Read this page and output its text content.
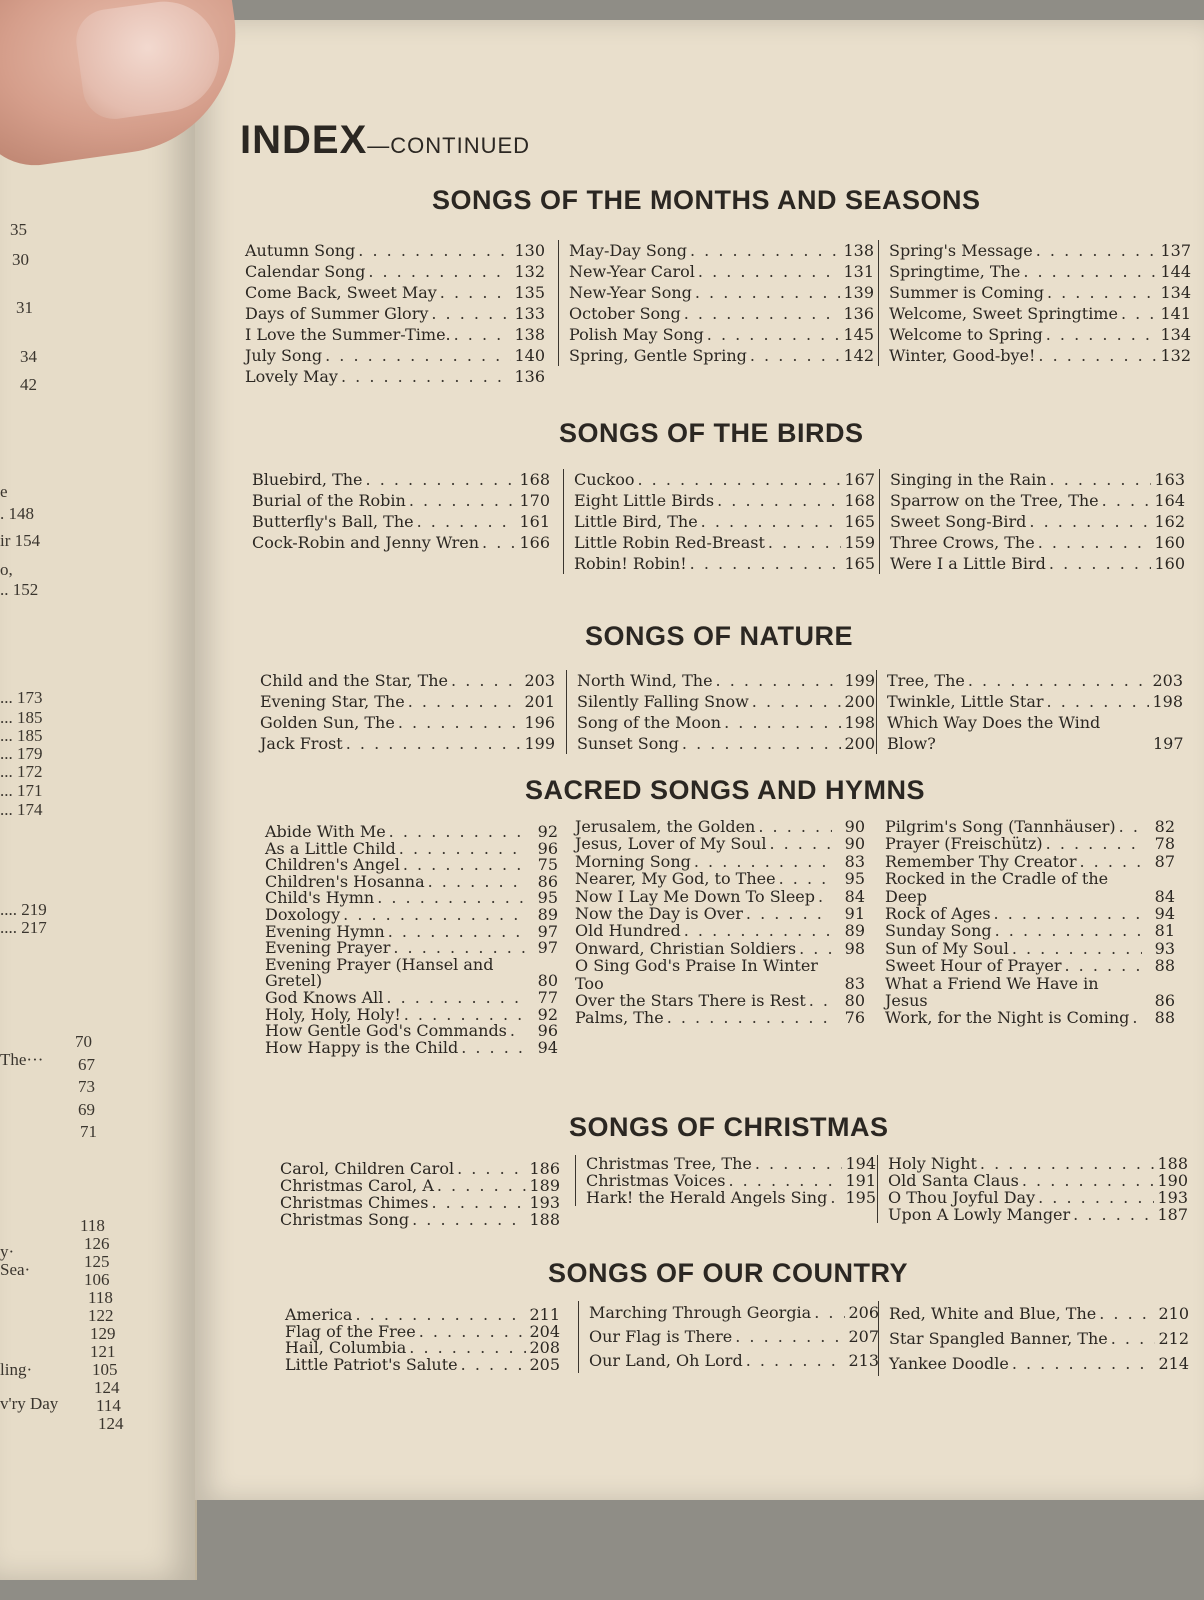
35
30
31
34
42
e
. 148
ir 154
o,
.. 152
... 173
... 185
... 185
... 179
... 172
... 171
... 174
.... 219
.... 217
70
The··· 67
73
69
71
118
126
125
106
118
122
129
121
105
124
114
124
y·
Sea·
ling·
v'ry Day
INDEX—CONTINUED
SONGS OF THE MONTHS AND SEASONS
SONGS OF THE BIRDS
SONGS OF NATURE
SACRED SONGS AND HYMNS
SONGS OF CHRISTMAS
SONGS OF OUR COUNTRY
Autumn Song . . .	130
Calendar Song . . .	132
Come Back, Sweet May . . .	135
Days of Summer Glory . . .	133
I Love the Summer-Time. . . .	138
July Song . . .	140
Lovely May . . .	136
May-Day Song . . .	138
New-Year Carol . . .	131
New-Year Song . . .	139
October Song . . .	136
Polish May Song . . .	145
Spring, Gentle Spring . . .	142
Spring's Message . . .	137
Springtime, The . . .	144
Summer is Coming . . .	134
Welcome, Sweet Springtime . . .	141
Welcome to Spring . . .	134
Winter, Good-bye! . . .	132
Bluebird, The . . .	168
Burial of the Robin . . .	170
Butterfly's Ball, The . . .	161
Cock-Robin and Jenny Wren . . .	166
Cuckoo . . .	167
Eight Little Birds . . .	168
Little Bird, The . . .	165
Little Robin Red-Breast . . .	159
Robin! Robin! . . .	165
Singing in the Rain . . .	163
Sparrow on the Tree, The . . .	164
Sweet Song-Bird . . .	162
Three Crows, The . . .	160
Were I a Little Bird . . .	160
Child and the Star, The . . .	203
Evening Star, The . . .	201
Golden Sun, The . . .	196
Jack Frost . . .	199
North Wind, The . . .	199
Silently Falling Snow . . .	200
Song of the Moon . . .	198
Sunset Song . . .	200
Tree, The . . .	203
Twinkle, Little Star . . .	198
Which Way Does the Wind Blow?	197
Abide With Me . . .	92
As a Little Child . . .	96
Children's Angel . . .	75
Children's Hosanna . . .	86
Child's Hymn . . .	95
Doxology . . .	89
Evening Hymn . . .	97
Evening Prayer . . .	97
Evening Prayer (Hansel and Gretel)	80
God Knows All . . .	77
Holy, Holy, Holy! . . .	92
How Gentle God's Commands . . .	96
How Happy is the Child . . .	94
Jerusalem, the Golden . . .	90
Jesus, Lover of My Soul . . .	90
Morning Song . . .	83
Nearer, My God, to Thee . . .	95
Now I Lay Me Down To Sleep . . .	84
Now the Day is Over . . .	91
Old Hundred . . .	89
Onward, Christian Soldiers . . .	98
O Sing God's Praise In Winter Too	83
Over the Stars There is Rest . . .	80
Palms, The . . .	76
Pilgrim's Song (Tannhäuser) . . .	82
Prayer (Freischütz) . . .	78
Remember Thy Creator . . .	87
Rocked in the Cradle of the Deep	84
Rock of Ages . . .	94
Sunday Song . . .	81
Sun of My Soul . . .	93
Sweet Hour of Prayer . . .	88
What a Friend We Have in Jesus	86
Work, for the Night is Coming . . .	88
Carol, Children Carol . . .	186
Christmas Carol, A . . .	189
Christmas Chimes . . .	193
Christmas Song . . .	188
Christmas Tree, The . . .	194
Christmas Voices . . .	191
Hark! the Herald Angels Sing . . . 195
Holy Night . . .	188
Old Santa Claus . . .	190
O Thou Joyful Day . . .	193
Upon A Lowly Manger . . .	187
America . . .	211
Flag of the Free . . .	204
Hail, Columbia . . .	208
Little Patriot's Salute . . .	205
Marching Through Georgia . . . 206
Our Flag is There . . .	207
Our Land, Oh Lord . . .	213
Red, White and Blue, The . . .	210
Star Spangled Banner, The . . .	212
Yankee Doodle . . .	214
